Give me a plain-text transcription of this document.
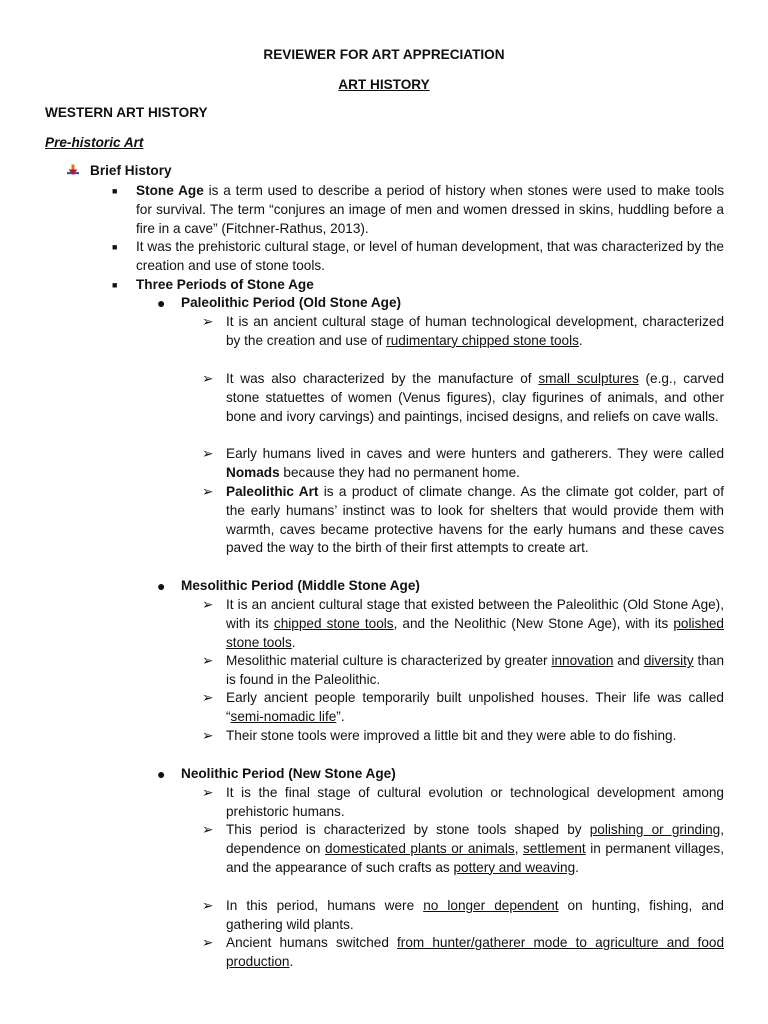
REVIEWER FOR ART APPRECIATION
ART HISTORY
WESTERN ART HISTORY
Pre-historic Art
Brief History
■	Stone Age is a term used to describe a period of history when stones were used to make tools for survival. The term “conjures an image of men and women dressed in skins, huddling before a fire in a cave” (Fitchner-Rathus, 2013).
■	It was the prehistoric cultural stage, or level of human development, that was characterized by the creation and use of stone tools.
■	Three Periods of Stone Age
●	Paleolithic Period (Old Stone Age)
➢ It is an ancient cultural stage of human technological development, characterized by the creation and use of rudimentary chipped stone tools.
➢ It was also characterized by the manufacture of small sculptures (e.g., carved stone statuettes of women (Venus figures), clay figurines of animals, and other bone and ivory carvings) and paintings, incised designs, and reliefs on cave walls.
➢ Early humans lived in caves and were hunters and gatherers. They were called Nomads because they had no permanent home.
➢ Paleolithic Art is a product of climate change. As the climate got colder, part of the early humans’ instinct was to look for shelters that would provide them with warmth, caves became protective havens for the early humans and these caves paved the way to the birth of their first attempts to create art.
●	Mesolithic Period (Middle Stone Age)
➢ It is an ancient cultural stage that existed between the Paleolithic (Old Stone Age), with its chipped stone tools, and the Neolithic (New Stone Age), with its polished stone tools.
➢ Mesolithic material culture is characterized by greater innovation and diversity than is found in the Paleolithic.
➢ Early ancient people temporarily built unpolished houses. Their life was called “semi-nomadic life”.
➢ Their stone tools were improved a little bit and they were able to do fishing.
●	Neolithic Period (New Stone Age)
➢ It is the final stage of cultural evolution or technological development among prehistoric humans.
➢ This period is characterized by stone tools shaped by polishing or grinding, dependence on domesticated plants or animals, settlement in permanent villages, and the appearance of such crafts as pottery and weaving.
➢ In this period, humans were no longer dependent on hunting, fishing, and gathering wild plants.
➢ Ancient humans switched from hunter/gatherer mode to agriculture and food production.
